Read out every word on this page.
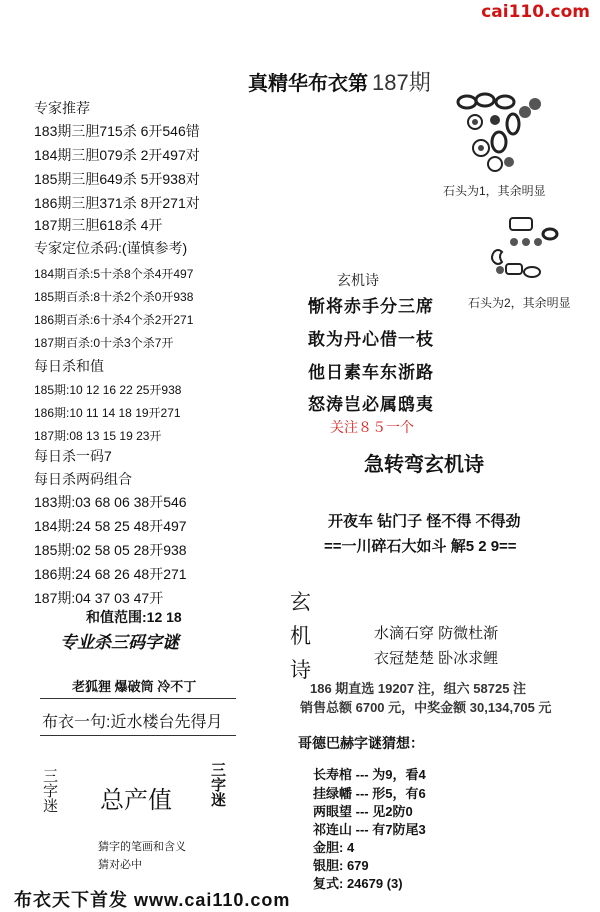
cai110.com
真精华布衣第 187期
专家推荐
183期三胆715杀 6开546错
184期三胆079杀 2开497对
185期三胆649杀 5开938对
186期三胆371杀 8开271对
187期三胆618杀 4开
专家定位杀码:(谨慎参考)
184期百杀:5十杀8个杀4开497
185期百杀:8十杀2个杀0开938
186期百杀:6十杀4个杀2开271
187期百杀:0十杀3个杀7开
每日杀和值
185期:10 12 16 22 25开938
186期:10 11 14 18 19开271
187期:08 13 15 19 23开
每日杀一码7
每日杀两码组合
183期:03 68 06 38开546
184期:24 58 25 48开497
185期:02 58 05 28开938
186期:24 68 26 48开271
187期:04 37 03 47开
和值范围:12 18
专业杀三码字谜
老狐狸 爆破筒 冷不丁
布衣一句:近水楼台先得月
三字迷 总产值 三字迷
猜字的笔画和含义
猜对必中
石头为1，其余明显
石头为2，其余明显
玄机诗
惭将赤手分三席
敢为丹心借一枝
他日素车东浙路
怒涛岂必属鸱夷
关注８５一个
急转弯玄机诗
开夜车 钻门子 怪不得 不得劲
==一川碎石大如斗 解5 2 9==
玄
机
诗
水滴石穿 防微杜渐
衣冠楚楚 卧冰求鲤
186 期直选 19207 注，组六 58725 注
销售总额 6700 元，中奖金额 30,134,705 元
哥德巴赫字谜猜想：
长寿棺 --- 为9，看4
挂绿幡 --- 形5，有6
两眼望 --- 见2防0
祁连山 --- 有7防尾3
金胆: 4
银胆: 679
复式: 24679 (3)
布衣天下首发 www.cai110.com
